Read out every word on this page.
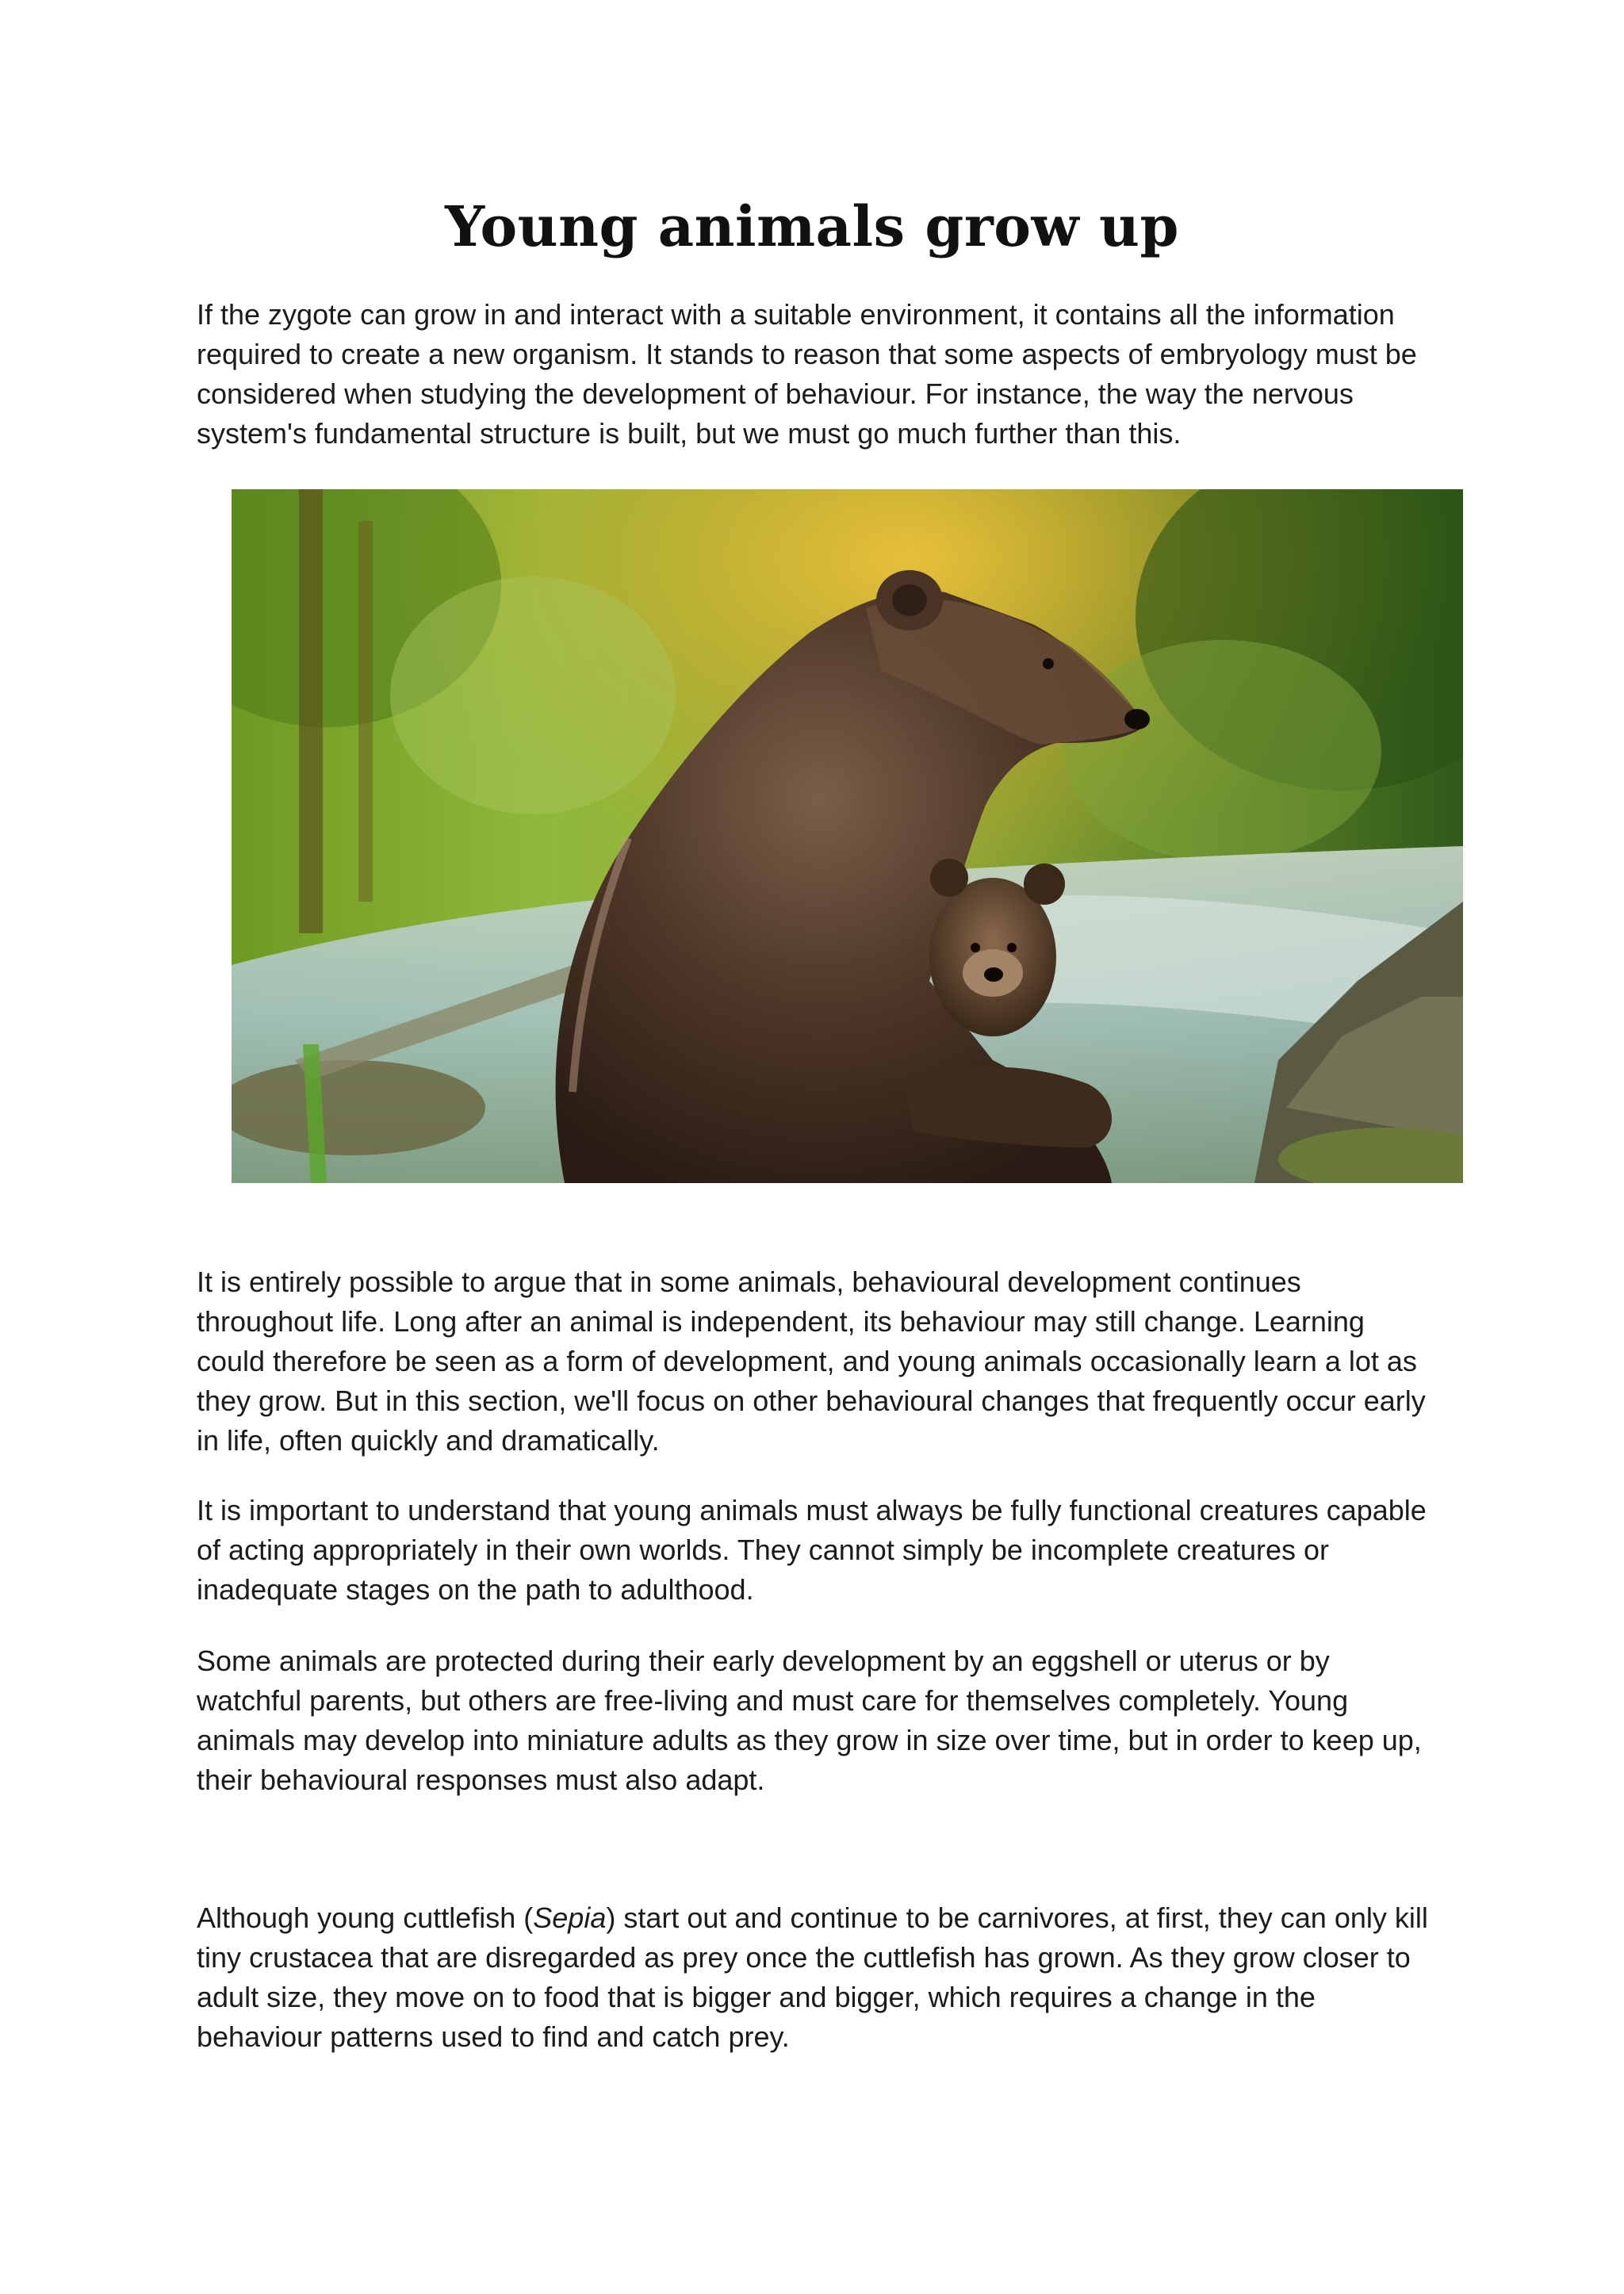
Young animals grow up

If the zygote can grow in and interact with a suitable environment, it contains all the information required to create a new organism. It stands to reason that some aspects of embryology must be considered when studying the development of behaviour. For instance, the way the nervous system's fundamental structure is built, but we must go much further than this.

It is entirely possible to argue that in some animals, behavioural development continues throughout life. Long after an animal is independent, its behaviour may still change. Learning could therefore be seen as a form of development, and young animals occasionally learn a lot as they grow. But in this section, we'll focus on other behavioural changes that frequently occur early in life, often quickly and dramatically.

It is important to understand that young animals must always be fully functional creatures capable of acting appropriately in their own worlds. They cannot simply be incomplete creatures or inadequate stages on the path to adulthood.

Some animals are protected during their early development by an eggshell or uterus or by watchful parents, but others are free-living and must care for themselves completely. Young animals may develop into miniature adults as they grow in size over time, but in order to keep up, their behavioural responses must also adapt.

Although young cuttlefish (Sepia) start out and continue to be carnivores, at first, they can only kill tiny crustacea that are disregarded as prey once the cuttlefish has grown. As they grow closer to adult size, they move on to food that is bigger and bigger, which requires a change in the behaviour patterns used to find and catch prey.
